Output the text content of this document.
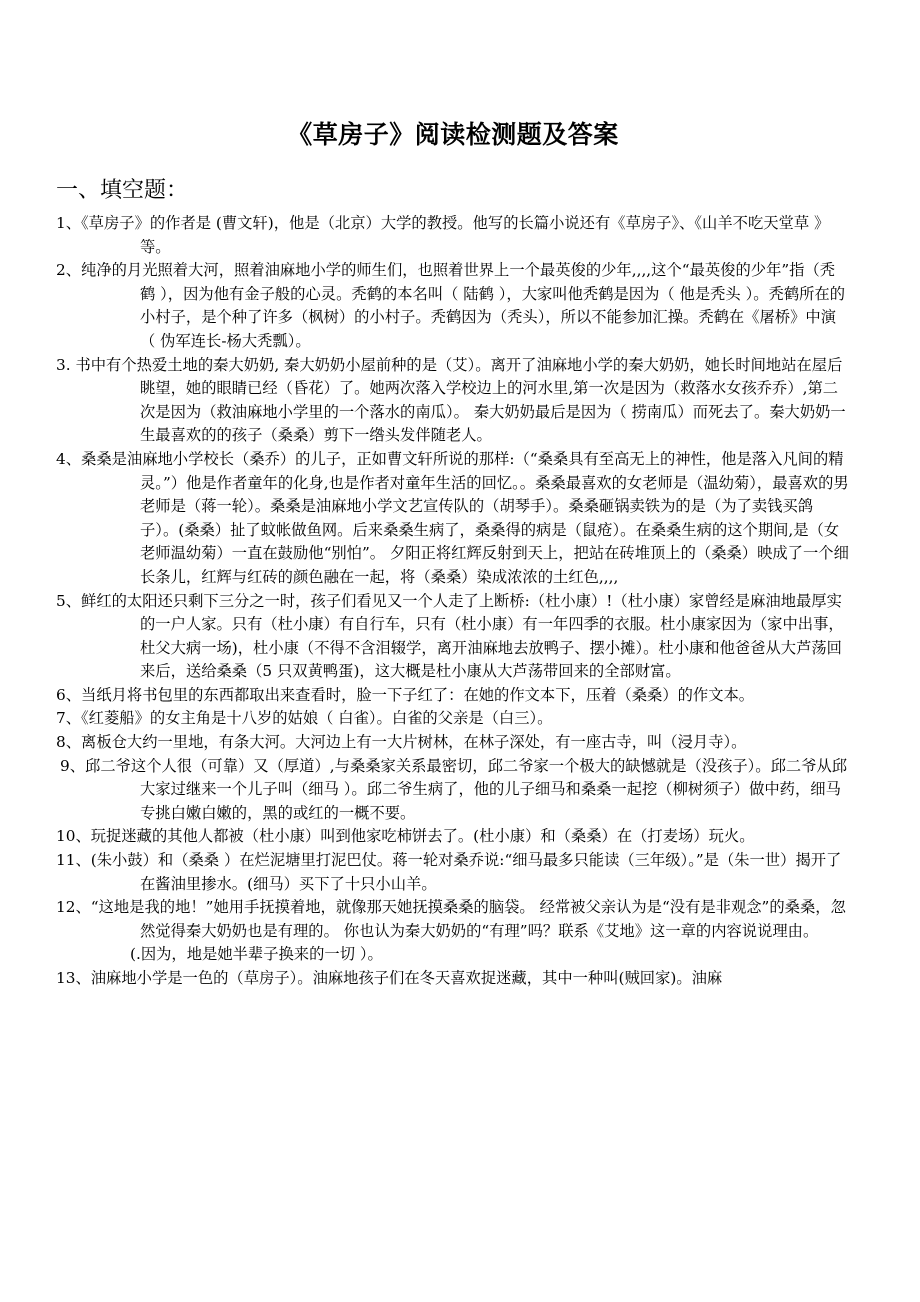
《草房子》阅读检测题及答案
一、填空题：

1、《草房子》的作者是 (曹文轩)，他是（北京）大学的教授。他写的长篇小说还有《草房子》、《山羊不吃天堂草 》等。

2、纯净的月光照着大河，照着油麻地小学的师生们，也照着世界上一个最英俊的少年,,,,这个“最英俊的少年”指（秃鹤 ），因为他有金子般的心灵。秃鹤的本名叫（ 陆鹤 ），大家叫他秃鹤是因为（ 他是秃头 ）。秃鹤所在的小村子，是个种了许多（枫树）的小村子。秃鹤因为（秃头），所以不能参加汇操。秃鹤在《屠桥》中演（ 伪军连长-杨大秃瓢）。

3. 书中有个热爱土地的秦大奶奶, 秦大奶奶小屋前种的是（艾）。离开了油麻地小学的秦大奶奶，她长时间地站在屋后眺望，她的眼睛已经（昏花）了。她两次落入学校边上的河水里,第一次是因为（救落水女孩乔乔）,第二次是因为（救油麻地小学里的一个落水的南瓜）。 秦大奶奶最后是因为（ 捞南瓜）而死去了。秦大奶奶一生最喜欢的的孩子（桑桑）剪下一绺头发伴随老人。

4、桑桑是油麻地小学校长（桑乔）的儿子，正如曹文轩所说的那样:（“桑桑具有至高无上的神性，他是落入凡间的精灵。”）他是作者童年的化身,也是作者对童年生活的回忆。。桑桑最喜欢的女老师是（温幼菊），最喜欢的男老师是（蒋一轮）。桑桑是油麻地小学文艺宣传队的（胡琴手）。桑桑砸锅卖铁为的是（为了卖钱买鸽子）。(桑桑）扯了蚊帐做鱼网。后来桑桑生病了，桑桑得的病是（鼠疮）。在桑桑生病的这个期间,是（女老师温幼菊）一直在鼓励他“别怕”。 夕阳正将红辉反射到天上，把站在砖堆顶上的（桑桑）映成了一个细长条儿，红辉与红砖的颜色融在一起，将（桑桑）染成浓浓的土红色,,,,

5、鲜红的太阳还只剩下三分之一时，孩子们看见又一个人走了上断桥:（杜小康）!（杜小康）家曾经是麻油地最厚实的一户人家。只有（杜小康）有自行车，只有（杜小康）有一年四季的衣服。杜小康家因为（家中出事，杜父大病一场)，杜小康（不得不含泪辍学，离开油麻地去放鸭子、摆小摊）。杜小康和他爸爸从大芦荡回来后，送给桑桑（5 只双黄鸭蛋)，这大概是杜小康从大芦荡带回来的全部财富。

6、当纸月将书包里的东西都取出来查看时，脸一下子红了：在她的作文本下，压着（桑桑）的作文本。

7、《红菱船》的女主角是十八岁的姑娘（ 白雀）。白雀的父亲是（白三）。

8、离板仓大约一里地，有条大河。大河边上有一大片树林，在林子深处，有一座古寺，叫（浸月寺）。

9、邱二爷这个人很（可靠）又（厚道）,与桑桑家关系最密切，邱二爷家一个极大的缺憾就是（没孩子）。邱二爷从邱大家过继来一个儿子叫（细马 ）。邱二爷生病了，他的儿子细马和桑桑一起挖（柳树须子）做中药，细马专挑白嫩白嫩的，黑的或红的一概不要。

10、玩捉迷藏的其他人都被（杜小康）叫到他家吃柿饼去了。(杜小康）和（桑桑）在（打麦场）玩火。

11、(朱小鼓）和（桑桑 ）在烂泥塘里打泥巴仗。蒋一轮对桑乔说:“细马最多只能读（三年级）。”是（朱一世）揭开了在酱油里掺水。(细马）买下了十只小山羊。

12、“这地是我的地！”她用手抚摸着地，就像那天她抚摸桑桑的脑袋。 经常被父亲认为是“没有是非观念”的桑桑，忽然觉得秦大奶奶也是有理的。 你也认为秦大奶奶的“有理”吗？联系《艾地》这一章的内容说说理由。

(.因为，地是她半辈子换来的一切 ）。

13、油麻地小学是一色的（草房子）。油麻地孩子们在冬天喜欢捉迷藏，其中一种叫(贼回家)。油麻
